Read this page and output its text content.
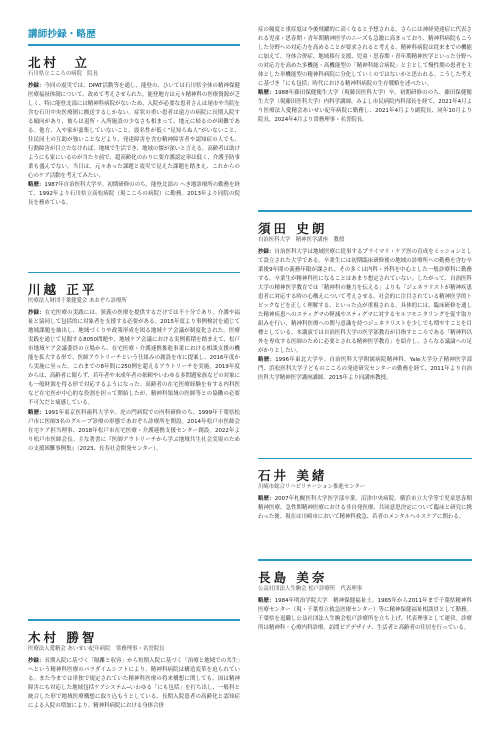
講師抄録・略歴
北村　立
石川県立こころの病院　院長

抄録：今回の震災では、DPAT活動等を通し、能登の、ひいては石川県全体の精神保健医療福祉体制について、改めて考えさせられた。能登地方は元々精神科の医療資源が乏しく、特に能登北部には精神科病院がないため、入院が必要な患者さんは尾市や当院を含む石川中央医療圏に搬送するしかない。症状の重い患者は遠方の病院に長期入院する傾向があり、彼らは退所・入所施設の少なさも相まって、地元に帰るのが困難である。他方、入や家が蛮集していないこと、震名性が低く“見知らぬ人”がいないこと、住民同士の互助が強いことなどより、発達障害を含む精神障害者や認知症の人でも、行動障害が目立たなければ、地域で生活でき、地域の懐が深いと言える。高齢者は助けようにも家にいるのが当たり前で、超高齢化のわりに要介護認定率は低く、介護予防事業も盛んでない。当日は、元々あった課題と震災で見えた課題を踏まえ、これからの心のケア活動を考えてみたい。

略歴：1987年自治医科大学卒。初期研修ののち、能登北部の へき地診療所の勤務を経て、1992年より石川県立高松病院（現こころの病院）に勤務。2013年より同院の院長を務めている。

川越 正平
医療法人財団千葉健愛会 あおぞら診療所

抄録：在宅医療の実践には、狭義の医療を提供するだけでは不十分であり、介護や福祉と協同して包括的に対象者を支援する必要がある。2015年度より事例検討を通じて地域課題を抽出し、地域づくりや政策形成を図る地域ケア会議が制度化された。医療実践を通じて見聞する8050問題や、地域ケア会議における実例蓄積を踏まえて、松戸市地域ケア会議委員の立場から、在宅医療・介護連携推進事業における相談支援の機能を拡大する形で、医師アウトリーチという仕組みの創設を市に提案し、2016年度から実施に至った。これまでの8年間に250例を超えるアウトリーチを実施。2019年度からは、高齢者に限らず、若年者や未成年者の依頼やいわゆる多問題家族などの対象にも一般財源を得る形で対応するようになった。高齢者の在宅医療経験を有する内科医など在宅医が中心的な役割を担って開始したが、精神科領域の医師等との協働の必要不可欠だと痛感している。

略歴：1991年東京医科歯科大学卒。虎の門病院での内科研修のち、1999年千葉県松戸市に医師3名のグループ診療の形態であおぞら診療所を開設。2014年松戸市医師会在宅ケア担当理事、2018年松戸市在宅医療・介護連携支援センター創設。2022年より松戸市医師会長。主な著書に『医師アウトリーチから学ぶ地域共生社会実現のための支援困難事例集』（2023、長寿社会開発センター）。

木村 勝智
医療法人愛精会 あいせい紀年病院　常務理事・名誉院長

抄録：長期入院に基づく「隔離と収容」から短期入院に基づく「治療と地域での共生」へという精神科医療のパラダイムシフトにより、精神科病院は構造変革を迫られている。また今までは単独で規定されていた精神科医療の将来構想に関しても、国は精神障害にも対応した地域包括ケアシステム─いわゆる「にも包括」を打ち出し、一般科と統合した形で地域医療構想に取り込もうとしている。長期入院患者の高齢化と認知症による入院の増加により、精神科病院における身体合併

症の頻度と重症度は今後飛躍的に高くなると予想される。さらには神経発達症に代表される児童・思春期・青年期精神医学のニーズも急激に高まっており、精神科病院もこうした分野への対応力を高めることが要求されると考える。精神科病院は従来までの機能に加えて、身体合併症、地域移行支援、児童・思春期・青年期精神医学といった分野への対応力を高めた多機能・高機能型の「精神科総合病院」と主として慢性期の患者を主体とした単機能型の精神科病院に分化していくのではないかと思われる。こうした考えに基づき「にも包括」時代における精神科病院の生存戦略を述べたい。

略歴：1988年藤田保健衛生大学（現藤田医科大学）卒。初期研修ののち、藤田保健衛生大学（現藤田医科大学）内科学講師、みよし市民病院内科部長を経て、2021年4月より医療法人愛精会あいせい紀年病院に勤務し、2021年4月より副院長、同年10月より院長、2024年4月より常務理事・名誉院長。

須田 史朗
自治医科大学　精神医学講座　教授

抄録：自治医科大学は地域医療に従事するプライマリ・ケア医の育成をミッションとして設立された大学である。卒業生には初期臨床研修後の地域の診療所への勤務を含む卒業後9年間の義務年限が課され、その多くは内科・外科を中心とした一般診療科に勤務する。卒業生が精神科医になることはあまり想定されていない。したがって、自治医科大学の精神医学教育では「精神科の魅力を伝える」よりも「ジェネラリストが精神疾患患者に対応する時の心構えについて考えさせる。社会的に注目されている精神医学的トピックなどを正しく理解する。といった点が重視される。具体的には、臨床研修を通した精神疾患へのスティグマの軽減やスティグマに対するセルフモニタリングを促す取り組みを行い、精神科医療への関与意識を持つジェネラリストを少しでも増やすことを目標としている。本講演では自治医科大学の医学部教育が目指すところである「精神科以外を専攻する医師のために必要とされる精神医学教育」を紹介し、さらなる議論への足がかりとしたい。

略歴：1996年東北大学卒。自治医科大学附属病院精神科、Yale大学分子精神医学部門、浜松医科大学子どものこころの発達研究センターの勤務を経て、2011年より自治医科大学精神医学講座講師、2015年より同講座教授。

石井 美緒
川崎市総合リハビリテーション推進センター

略歴：2007年札幌医科大学医学部卒業。沼津中央病院、横浜市立大学等で児童思春期精神医療、急性期精神医療における非自発医療、共同意思決定について臨床と研究に携わった後、現在は川崎市において精神科救急、若者のメンタルヘルスケアに関わる。

長島 美奈
公益社団法人生駒会 松戸診療所　代表理事

略歴：1984年明治学院大学　精神保健福祉士。1965年から2011年まで千葉県精神科医療センター（現・千葉県立救急医療センター）等に精神保健福祉相談員として勤務。千葉県を退職し公益社団法人生駒会松戸診療所を立ち上げ、代表理事として運営。診療所は精神科・心療内科診療、訪問ピアデザイナ、生活者と高齢者の住居を行っている。
